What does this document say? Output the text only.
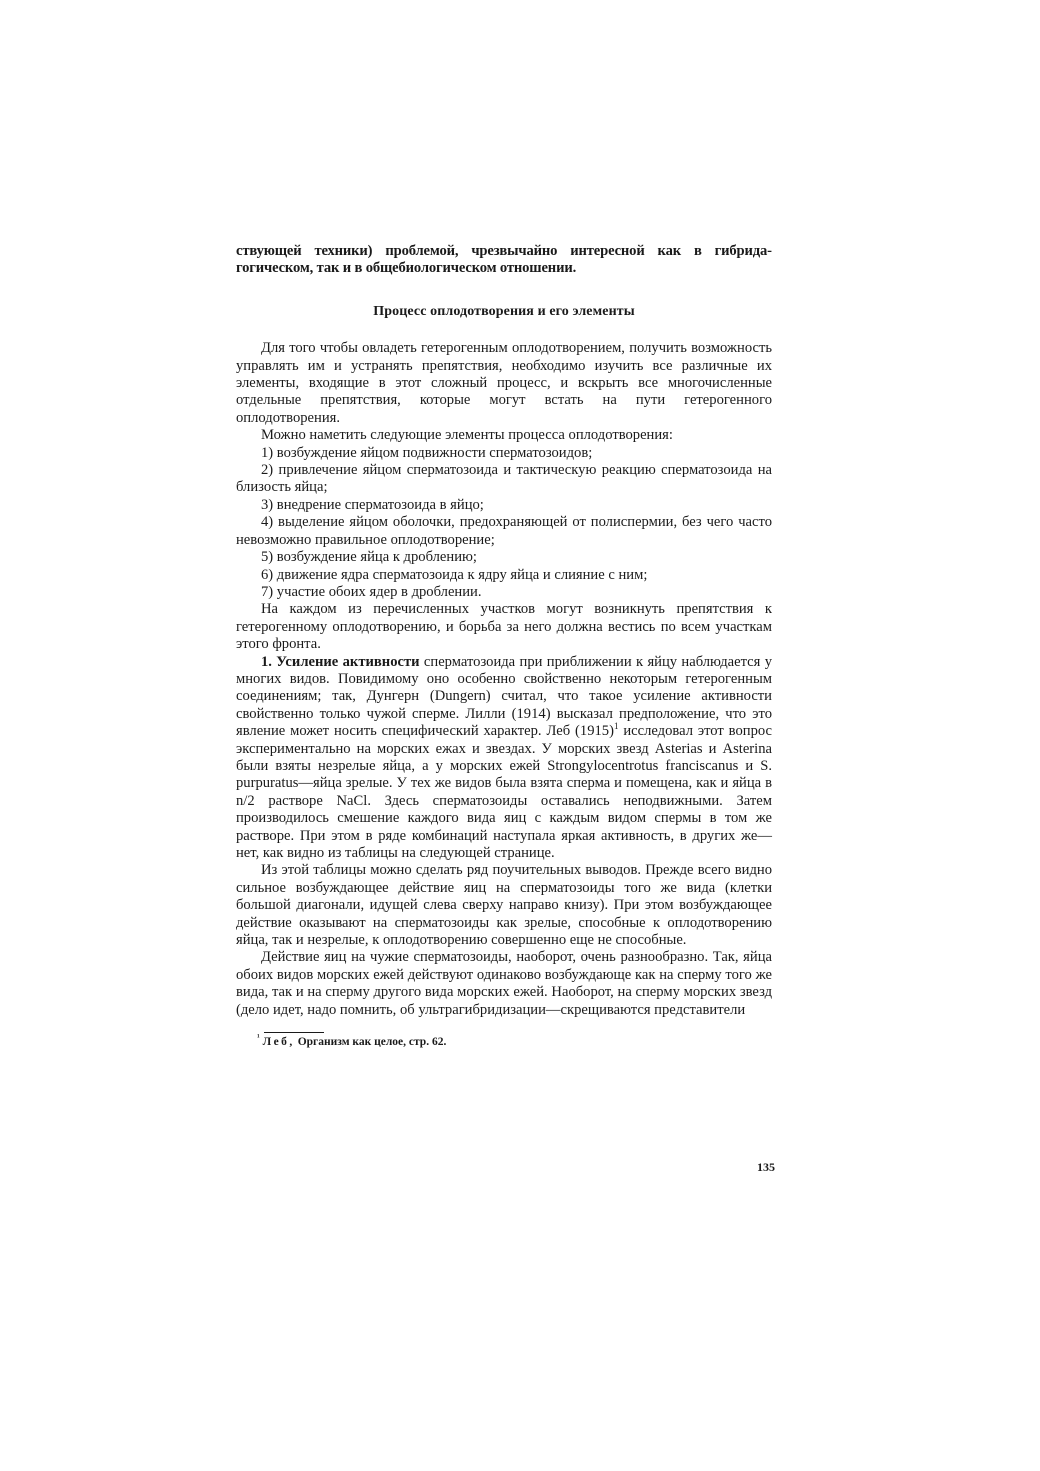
ствующей техники) проблемой, чрезвычайно интересной как в гибридагогическом, так и в общебиологическом отношении.

Процесс оплодотворения и его элементы

Для того чтобы овладеть гетерогенным оплодотворением, получить возможность управлять им и устранять препятствия, необходимо изучить все различные их элементы, входящие в этот сложный процесс, и вскрыть все многочисленные отдельные препятствия, которые могут встать на пути гетерогенного оплодотворения.

Можно наметить следующие элементы процесса оплодотворения:

1) возбуждение яйцом подвижности сперматозоидов;

2) привлечение яйцом сперматозоида и тактическую реакцию сперматозоида на близость яйца;

3) внедрение сперматозоида в яйцо;

4) выделение яйцом оболочки, предохраняющей от полиспермии, без чего часто невозможно правильное оплодотворение;

5) возбуждение яйца к дроблению;

6) движение ядра сперматозоида к ядру яйца и слияние с ним;

7) участие обоих ядер в дроблении.

На каждом из перечисленных участков могут возникнуть препятствия к гетерогенному оплодотворению, и борьба за него должна вестись по всем участкам этого фронта.

1. Усиление активности сперматозоида при приближении к яйцу наблюдается у многих видов. Повидимому оно особенно свойственно некоторым гетерогенным соединениям; так, Дунгерн (Dungern) считал, что такое усиление активности свойственно только чужой сперме. Лилли (1914) высказал предположение, что это явление может носить специфический характер. Леб $(1915)^1$ исследовал этот вопрос экспериментально на морских ежах и звездах. У морских звезд Asterias и Asterina были взяты незрелые яйца, а у морских ежей Strongylocentrotus franciscanus и S. purpuratus—яйца зрелые. У тех же видов была взята сперма и помещена, как и яйца в n/2 растворе NaCl. Здесь сперматозоиды оставались неподвижными. Затем производилось смешение каждого вида яиц с каждым видом спермы в том же растворе. При этом в ряде комбинаций наступала яркая активность, в других же—нет, как видно из таблицы на следующей странице.

Из этой таблицы можно сделать ряд поучительных выводов. Прежде всего видно сильное возбуждающее действие яиц на сперматозоиды того же вида (клетки большой диагонали, идущей слева сверху направо книзу). При этом возбуждающее действие оказывают на сперматозоиды как зрелые, способные к оплодотворению яйца, так и незрелые, к оплодотворению совершенно еще не способные.

Действие яиц на чужие сперматозоиды, наоборот, очень разнообразно. Так, яйца обоих видов морских ежей действуют одинаково возбуждающе как на сперму того же вида, так и на сперму другого вида морских ежей. Наоборот, на сперму морских звезд (дело идет, надо помнить, об ультрагибридизации—скрещиваются представители

$^{^1}$ Леб, Организм как целое, стр. 62.

135
